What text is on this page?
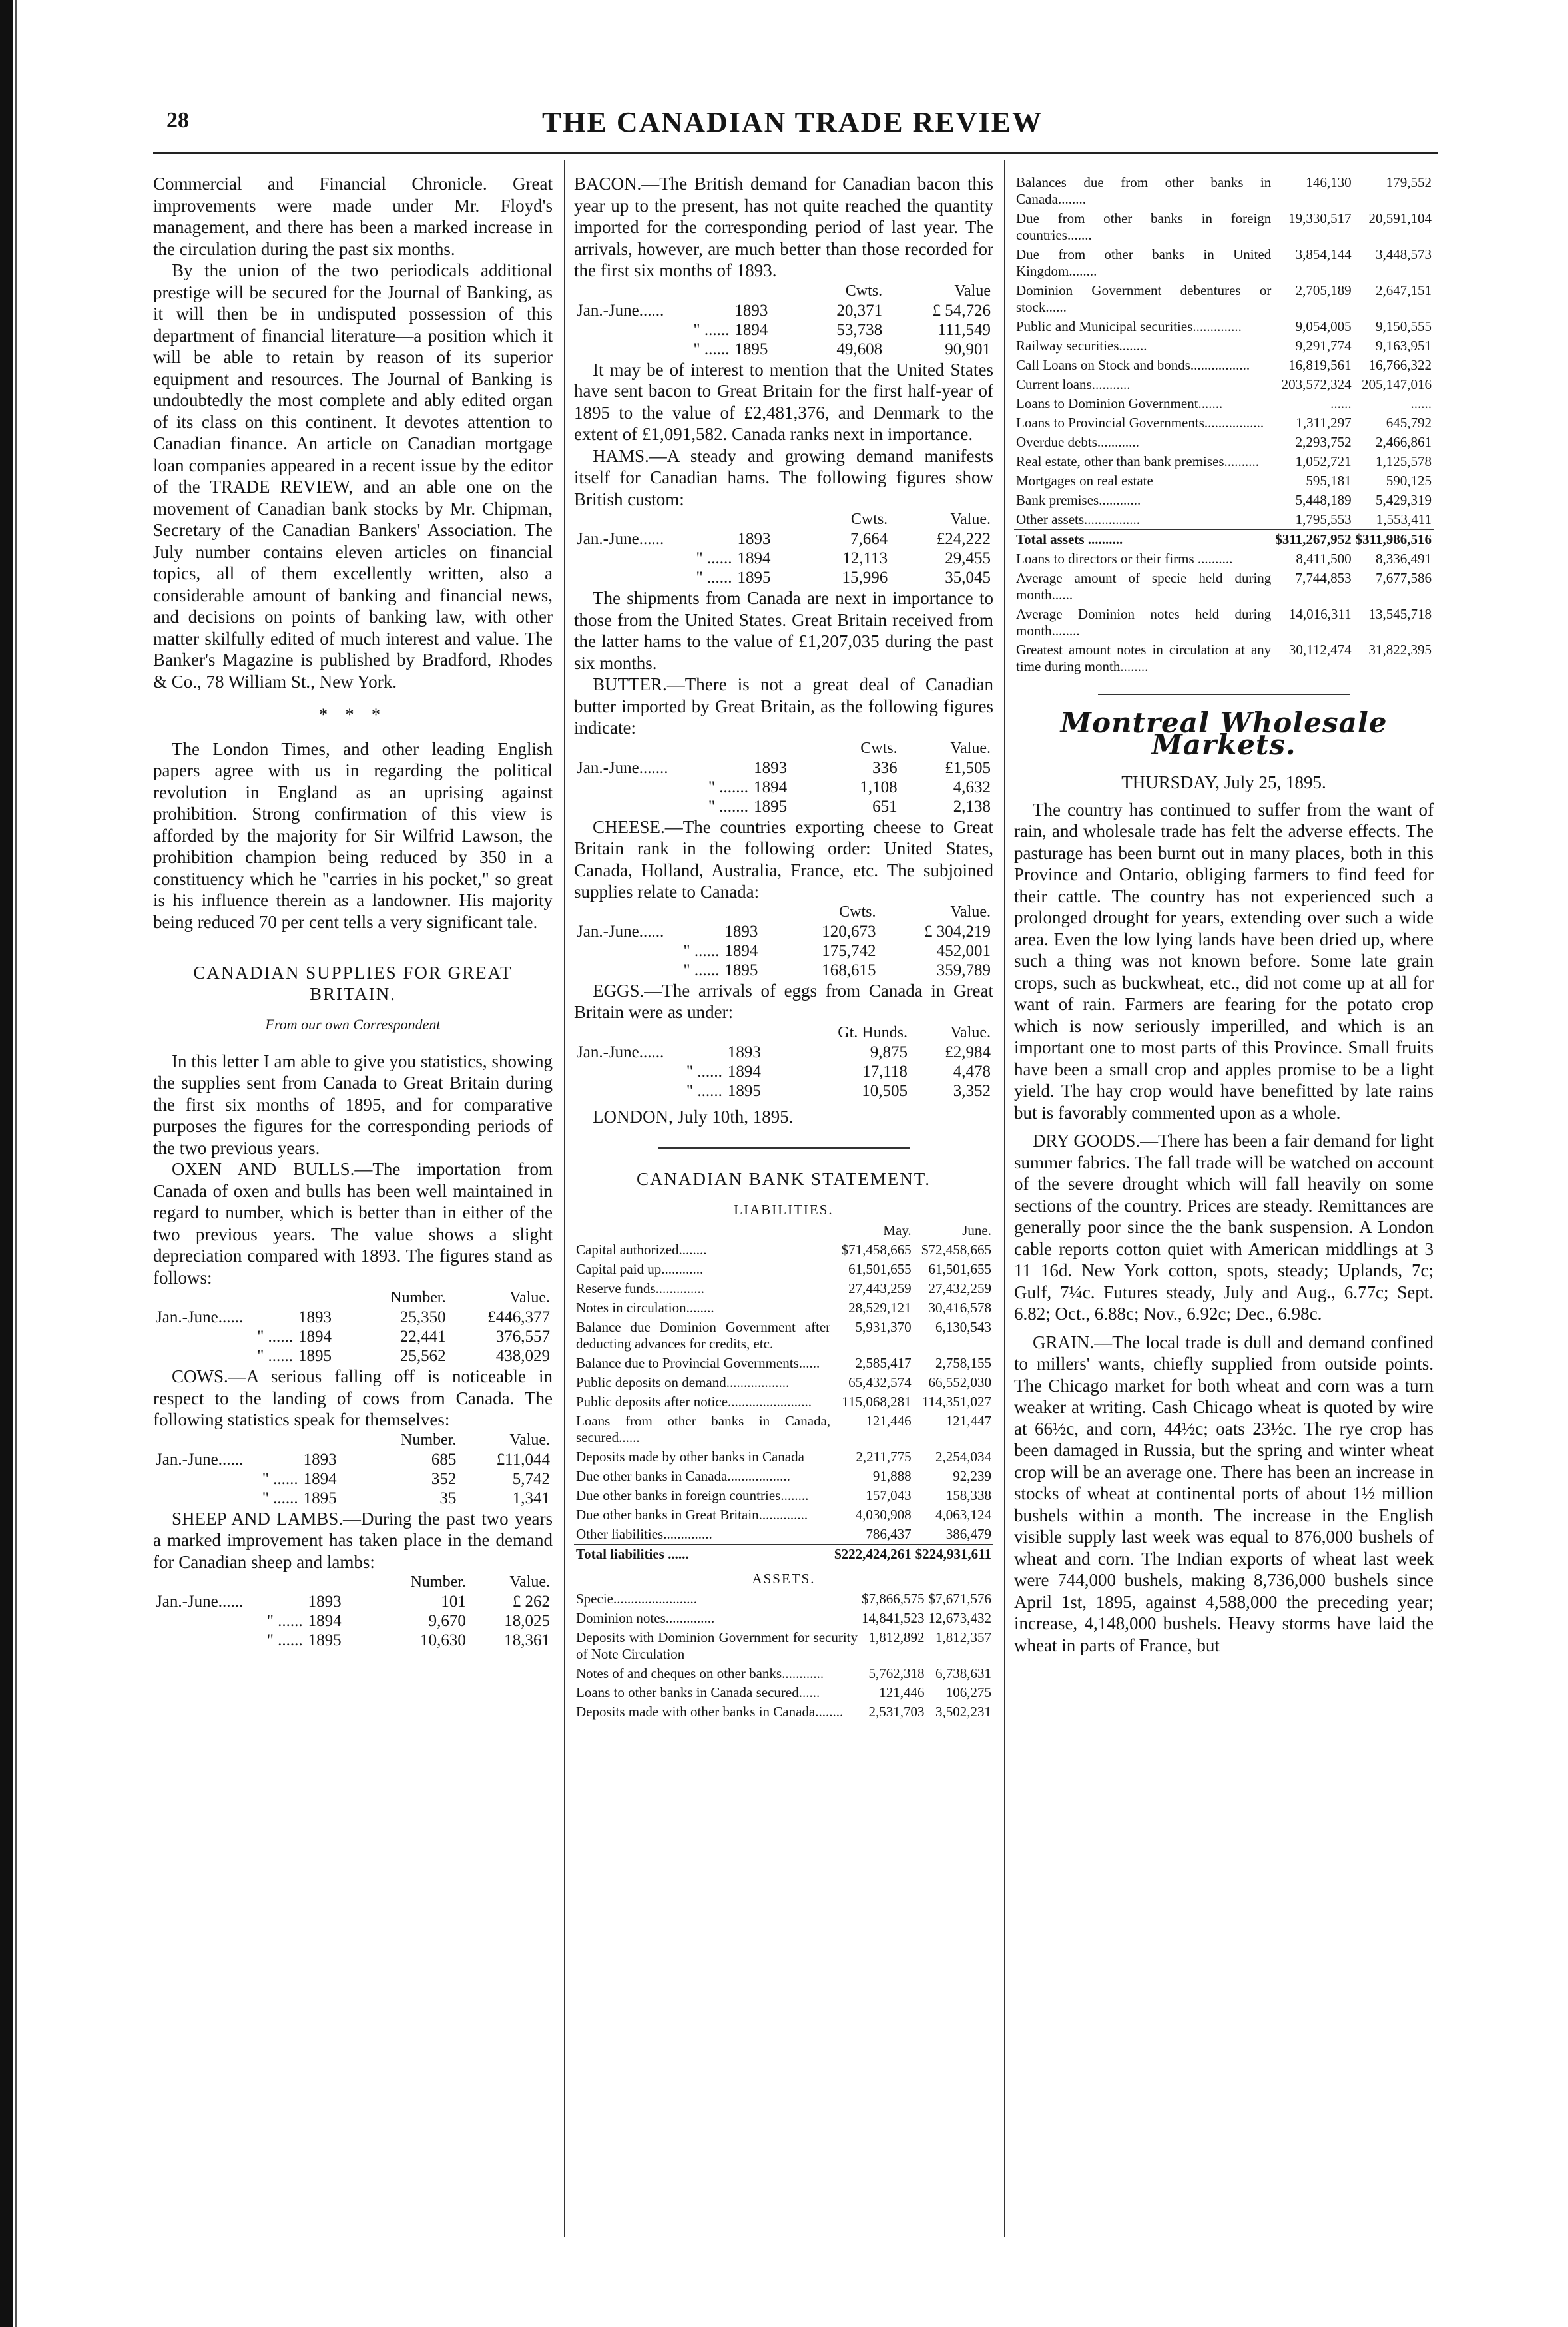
28	THE CANADIAN TRADE REVIEW

Commercial and Financial Chronicle. Great improvements were made under Mr. Floyd's management, and there has been a marked increase in the circulation during the past six months.

By the union of the two periodicals additional prestige will be secured for the Journal of Banking, as it will then be in undisputed possession of this department of financial literature—a position which it will be able to retain by reason of its superior equipment and resources. The Journal of Banking is undoubtedly the most complete and ably edited organ of its class on this continent. It devotes attention to Canadian finance. An article on Canadian mortgage loan companies appeared in a recent issue by the editor of the TRADE REVIEW, and an able one on the movement of Canadian bank stocks by Mr. Chipman, Secretary of the Canadian Bankers' Association. The July number contains eleven articles on financial topics, all of them excellently written, also a considerable amount of banking and financial news, and decisions on points of banking law, with other matter skilfully edited of much interest and value. The Banker's Magazine is published by Bradford, Rhodes & Co., 78 William St., New York.

* * *

The London Times, and other leading English papers agree with us in regarding the political revolution in England as an uprising against prohibition. Strong confirmation of this view is afforded by the majority for Sir Wilfrid Lawson, the prohibition champion being reduced by 350 in a constituency which he "carries in his pocket," so great is his influence therein as a landowner. His majority being reduced 70 per cent tells a very significant tale.

CANADIAN SUPPLIES FOR GREAT BRITAIN.
From our own Correspondent

In this letter I am able to give you statistics, showing the supplies sent from Canada to Great Britain during the first six months of 1895, and for comparative purposes the figures for the corresponding periods of the two previous years.

OXEN AND BULLS.—The importation from Canada of oxen and bulls has been well maintained in regard to number, which is better than in either of the two previous years. The value shows a slight depreciation compared with 1893. The figures stand as follows:

		Number.	Value.
Jan.-June......	1893	25,350	£446,377
" ......	1894	22,441	376,557
" ......	1895	25,562	438,029

COWS.—A serious falling off is noticeable in respect to the landing of cows from Canada. The following statistics speak for themselves:

		Number.	Value.
Jan.-June......	1893	685	£11,044
" ......	1894	352	5,742
" ......	1895	35	1,341

SHEEP AND LAMBS.—During the past two years a marked improvement has taken place in the demand for Canadian sheep and lambs:

		Number.	Value.
Jan.-June......	1893	101	£ 262
" ......	1894	9,670	18,025
" ......	1895	10,630	18,361

BACON.—The British demand for Canadian bacon this year up to the present, has not quite reached the quantity imported for the corresponding period of last year. The arrivals, however, are much better than those recorded for the first six months of 1893.

		Cwts.	Value
Jan.-June......	1893	20,371	£ 54,726
" ......	1894	53,738	111,549
" ......	1895	49,608	90,901

It may be of interest to mention that the United States have sent bacon to Great Britain for the first half-year of 1895 to the value of £2,481,376, and Denmark to the extent of £1,091,582. Canada ranks next in importance.

HAMS.—A steady and growing demand manifests itself for Canadian hams. The following figures show British custom:

		Cwts.	Value.
Jan.-June......	1893	7,664	£24,222
" ......	1894	12,113	29,455
" ......	1895	15,996	35,045

The shipments from Canada are next in importance to those from the United States. Great Britain received from the latter hams to the value of £1,207,035 during the past six months.

BUTTER.—There is not a great deal of Canadian butter imported by Great Britain, as the following figures indicate:

		Cwts.	Value.
Jan.-June.......	1893	336	£1,505
" .......	1894	1,108	4,632
" .......	1895	651	2,138

CHEESE.—The countries exporting cheese to Great Britain rank in the following order: United States, Canada, Holland, Australia, France, etc. The subjoined supplies relate to Canada:

		Cwts.	Value.
Jan.-June......	1893	120,673	£ 304,219
" ......	1894	175,742	452,001
" ......	1895	168,615	359,789

EGGS.—The arrivals of eggs from Canada in Great Britain were as under:

		Gt. Hunds.	Value.
Jan.-June......	1893	9,875	£2,984
" ......	1894	17,118	4,478
" ......	1895	10,505	3,352

LONDON, July 10th, 1895.

CANADIAN BANK STATEMENT.
LIABILITIES.
	May.	June.
Capital authorized........	$71,458,665	$72,458,665
Capital paid up............	61,501,655	61,501,655
Reserve funds..............	27,443,259	27,432,259
Notes in circulation........	28,529,121	30,416,578
Balance due Dominion Government after deducting advances for credits, etc.	5,931,370	6,130,543
Balance due to Provincial Governments......	2,585,417	2,758,155
Public deposits on demand..................	65,432,574	66,552,030
Public deposits after notice........................	115,068,281	114,351,027
Loans from other banks in Canada, secured......	121,446	121,447
Deposits made by other banks in Canada	2,211,775	2,254,034
Due other banks in Canada..................	91,888	92,239
Due other banks in foreign countries........	157,043	158,338
Due other banks in Great Britain..............	4,030,908	4,063,124
Other liabilities..............	786,437	386,479
Total liabilities ......	$222,424,261	$224,931,611
ASSETS.
Specie........................	$7,866,575	$7,671,576
Dominion notes..............	14,841,523	12,673,432
Deposits with Dominion Government for security of Note Circulation	1,812,892	1,812,357
Notes of and cheques on other banks............	5,762,318	6,738,631
Loans to other banks in Canada secured......	121,446	106,275
Deposits made with other banks in Canada........	2,531,703	3,502,231
Balances due from other banks in Canada........	146,130	179,552
Due from other banks in foreign countries.......	19,330,517	20,591,104
Due from other banks in United Kingdom........	3,854,144	3,448,573
Dominion Government debentures or stock......	2,705,189	2,647,151
Public and Municipal securities..............	9,054,005	9,150,555
Railway securities........	9,291,774	9,163,951
Call Loans on Stock and bonds.................	16,819,561	16,766,322
Current loans...........	203,572,324	205,147,016
Loans to Dominion Government.......	......	......
Loans to Provincial Governments.................	1,311,297	645,792
Overdue debts............	2,293,752	2,466,861
Real estate, other than bank premises..........	1,052,721	1,125,578
Mortgages on real estate	595,181	590,125
Bank premises............	5,448,189	5,429,319
Other assets................	1,795,553	1,553,411
Total assets ..........	$311,267,952	$311,986,516
Loans to directors or their firms ..........	8,411,500	8,336,491
Average amount of specie held during month......	7,744,853	7,677,586
Average Dominion notes held during month........	14,016,311	13,545,718
Greatest amount notes in circulation at any time during month........	30,112,474	31,822,395
Montreal Wholesale Markets.
THURSDAY, July 25, 1895.

The country has continued to suffer from the want of rain, and wholesale trade has felt the adverse effects. The pasturage has been burnt out in many places, both in this Province and Ontario, obliging farmers to find feed for their cattle. The country has not experienced such a prolonged drought for years, extending over such a wide area. Even the low lying lands have been dried up, where such a thing was not known before. Some late grain crops, such as buckwheat, etc., did not come up at all for want of rain. Farmers are fearing for the potato crop which is now seriously imperilled, and which is an important one to most parts of this Province. Small fruits have been a small crop and apples promise to be a light yield. The hay crop would have benefitted by late rains but is favorably commented upon as a whole.

DRY GOODS.—There has been a fair demand for light summer fabrics. The fall trade will be watched on account of the severe drought which will fall heavily on some sections of the country. Prices are steady. Remittances are generally poor since the the bank suspension. A London cable reports cotton quiet with American middlings at 3 11 16d. New York cotton, spots, steady; Uplands, 7c; Gulf, 7¼c. Futures steady, July and Aug., 6.77c; Sept. 6.82; Oct., 6.88c; Nov., 6.92c; Dec., 6.98c.

GRAIN.—The local trade is dull and demand confined to millers' wants, chiefly supplied from outside points. The Chicago market for both wheat and corn was a turn weaker at writing. Cash Chicago wheat is quoted by wire at 66½c, and corn, 44½c; oats 23½c. The rye crop has been damaged in Russia, but the spring and winter wheat crop will be an average one. There has been an increase in stocks of wheat at continental ports of about 1½ million bushels within a month. The increase in the English visible supply last week was equal to 876,000 bushels of wheat and corn. The Indian exports of wheat last week were 744,000 bushels, making 8,736,000 bushels since April 1st, 1895, against 4,588,000 the preceding year; increase, 4,148,000 bushels. Heavy storms have laid the wheat in parts of France, but
